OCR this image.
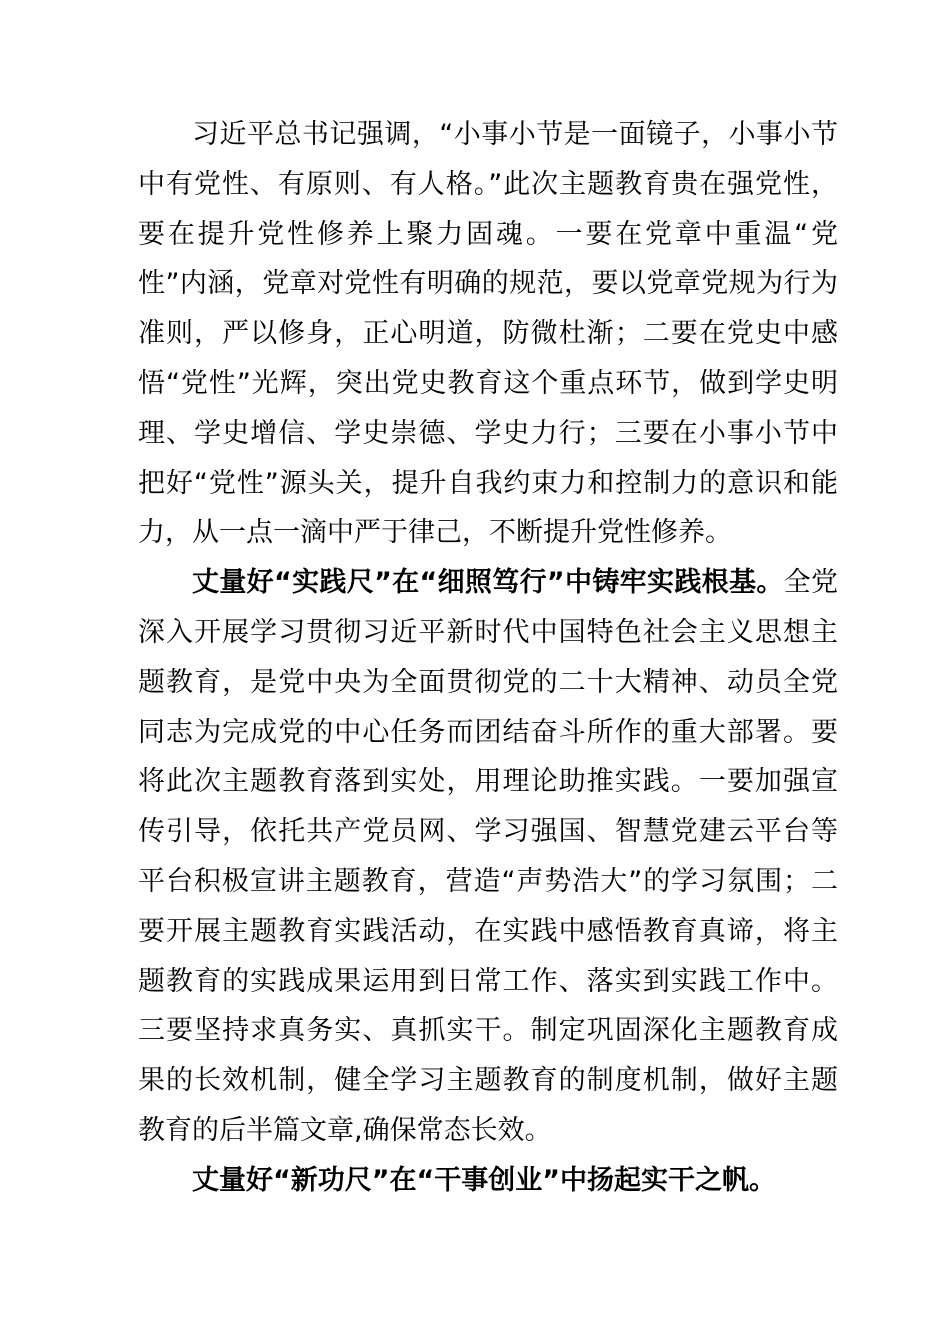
习近平总书记强调，“小事小节是一面镜子，小事小节中有党性、有原则、有人格。”此次主题教育贵在强党性，要在提升党性修养上聚力固魂。一要在党章中重温“党性”内涵，党章对党性有明确的规范，要以党章党规为行为准则，严以修身，正心明道，防微杜渐；二要在党史中感悟“党性”光辉，突出党史教育这个重点环节，做到学史明理、学史增信、学史崇德、学史力行；三要在小事小节中把好“党性”源头关，提升自我约束力和控制力的意识和能力，从一点一滴中严于律己，不断提升党性修养。

丈量好“实践尺”在“细照笃行”中铸牢实践根基。全党深入开展学习贯彻习近平新时代中国特色社会主义思想主题教育，是党中央为全面贯彻党的二十大精神、动员全党同志为完成党的中心任务而团结奋斗所作的重大部署。要将此次主题教育落到实处，用理论助推实践。一要加强宣传引导，依托共产党员网、学习强国、智慧党建云平台等平台积极宣讲主题教育，营造“声势浩大”的学习氛围；二要开展主题教育实践活动，在实践中感悟教育真谛，将主题教育的实践成果运用到日常工作、落实到实践工作中。三要坚持求真务实、真抓实干。制定巩固深化主题教育成果的长效机制，健全学习主题教育的制度机制，做好主题教育的后半篇文章,确保常态长效。

丈量好“新功尺”在“干事创业”中扬起实干之帆。
